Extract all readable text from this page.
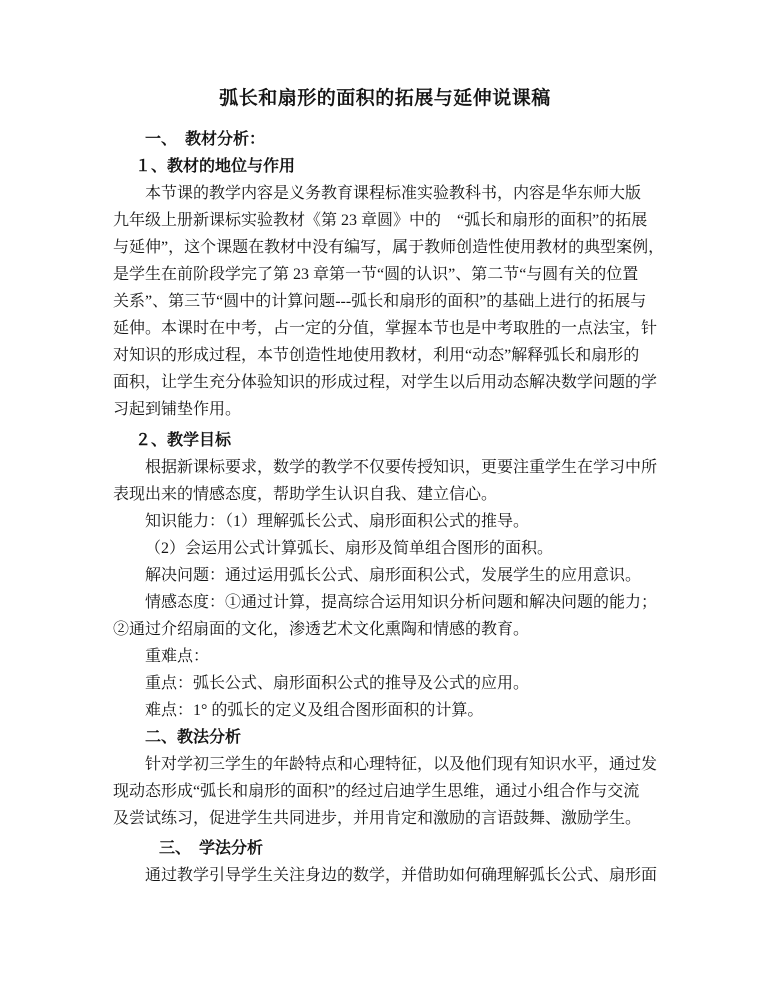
弧长和扇形的面积的拓展与延伸说课稿
一、　教材分析：
１、教材的地位与作用
本节课的教学内容是义务教育课程标准实验教科书，内容是华东师大版
九年级上册新课标实验教材《第 23 章圆》中的　“弧长和扇形的面积”的拓展
与延伸”，这个课题在教材中没有编写，属于教师创造性使用教材的典型案例，
是学生在前阶段学完了第 23 章第一节“圆的认识”、第二节“与圆有关的位置
关系”、第三节“圆中的计算问题---弧长和扇形的面积”的基础上进行的拓展与
延伸。本课时在中考，占一定的分值，掌握本节也是中考取胜的一点法宝，针
对知识的形成过程，本节创造性地使用教材，利用“动态”解释弧长和扇形的
面积，让学生充分体验知识的形成过程，对学生以后用动态解决数学问题的学
习起到铺垫作用。
２、教学目标
根据新课标要求，数学的教学不仅要传授知识，更要注重学生在学习中所
表现出来的情感态度，帮助学生认识自我、建立信心。
知识能力：（1）理解弧长公式、扇形面积公式的推导。
（2）会运用公式计算弧长、扇形及简单组合图形的面积。
解决问题：通过运用弧长公式、扇形面积公式，发展学生的应用意识。
情感态度：①通过计算，提高综合运用知识分析问题和解决问题的能力；
②通过介绍扇面的文化，渗透艺术文化熏陶和情感的教育。
重难点：
重点：弧长公式、扇形面积公式的推导及公式的应用。
难点：1° 的弧长的定义及组合图形面积的计算。
二、教法分析
针对学初三学生的年龄特点和心理特征，以及他们现有知识水平，通过发
现动态形成“弧长和扇形的面积”的经过启迪学生思维，通过小组合作与交流
及尝试练习，促进学生共同进步，并用肯定和激励的言语鼓舞、激励学生。
三、　学法分析
通过教学引导学生关注身边的数学，并借助如何确理解弧长公式、扇形面
